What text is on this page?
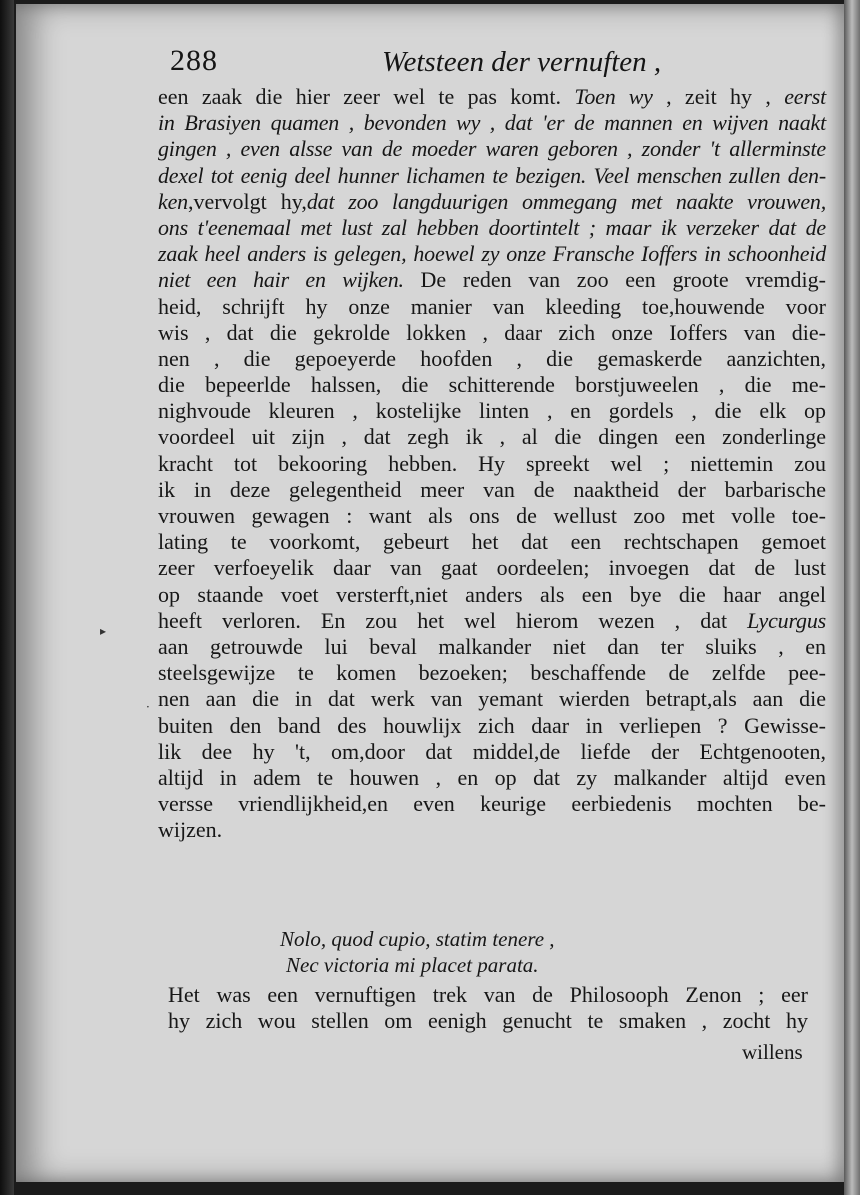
288	Wetsteen der vernuften ,
een zaak die hier zeer wel te pas komt. Toen wy , zeit hy , eerst
in Brasiyen quamen , bevonden wy , dat 'er de mannen en wijven naakt
gingen , even alsse van de moeder waren geboren , zonder 't allerminste
dexel tot eenig deel hunner lichamen te bezigen. Veel menschen zullen den-
ken,vervolgt hy,dat zoo langduurigen ommegang met naakte vrouwen,
ons t'eenemaal met lust zal hebben doortintelt ; maar ik verzeker dat de
zaak heel anders is gelegen, hoewel zy onze Fransche Ioffers in schoonheid
niet een hair en wijken. De reden van zoo een groote vremdig-
heid, schrijft hy onze manier van kleeding toe,houwende voor
wis , dat die gekrolde lokken , daar zich onze Ioffers van die-
nen , die gepoeyerde hoofden , die gemaskerde aanzichten,
die bepeerlde halssen, die schitterende borstjuweelen , die me-
nighvoude kleuren , kostelijke linten , en gordels , die elk op
voordeel uit zijn , dat zegh ik , al die dingen een zonderlinge
kracht tot bekooring hebben. Hy spreekt wel ; niettemin zou
ik in deze gelegentheid meer van de naaktheid der barbarische
vrouwen gewagen : want als ons de wellust zoo met volle toe-
lating te voorkomt, gebeurt het dat een rechtschapen gemoet
zeer verfoeyelik daar van gaat oordeelen; invoegen dat de lust
op staande voet versterft,niet anders als een bye die haar angel
heeft verloren. En zou het wel hierom wezen , dat Lycurgus
aan getrouwde lui beval malkander niet dan ter sluiks , en
steelsgewijze te komen bezoeken; beschaffende de zelfde pee-
nen aan die in dat werk van yemant wierden betrapt,als aan die
buiten den band des houwlijx zich daar in verliepen ? Gewisse-
lik dee hy 't, om,door dat middel,de liefde der Echtgenooten,
altijd in adem te houwen , en op dat zy malkander altijd even
versse vriendlijkheid,en even keurige eerbiedenis mochten be-
wijzen.
Nolo, quod cupio, statim tenere ,
Nec victoria mi placet parata.
Het was een vernuftigen trek van de Philosooph Zenon ; eer
hy zich wou stellen om eenigh genucht te smaken , zocht hy
willens
▸
·
